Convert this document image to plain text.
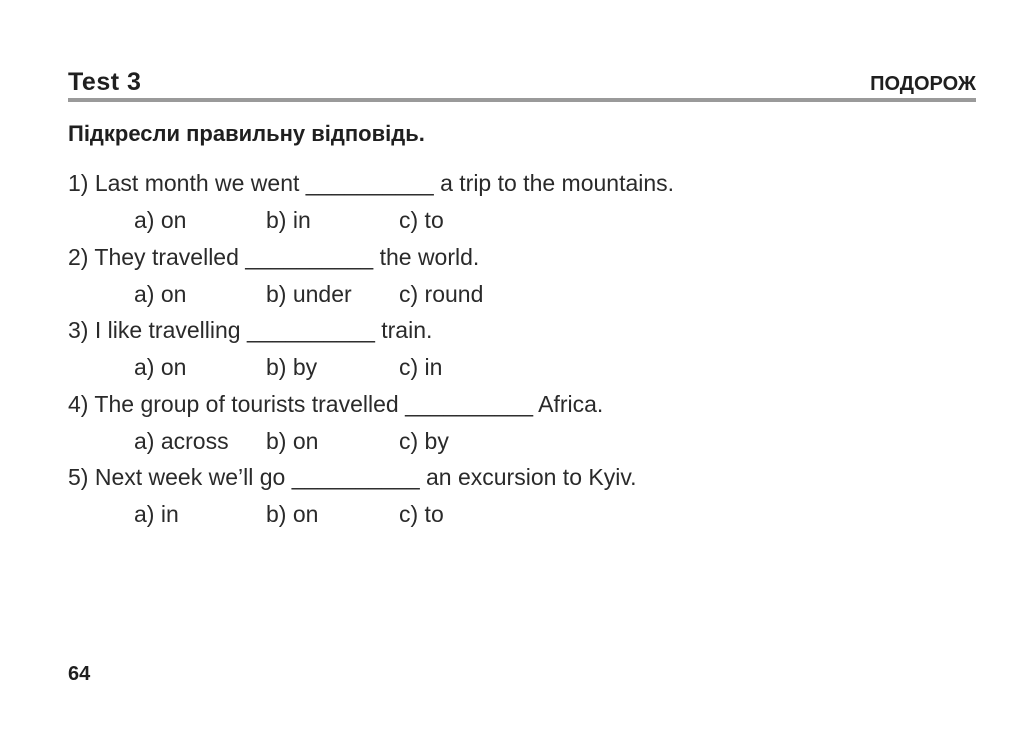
Test 3	ПОДОРОЖ
Підкресли правильну відповідь.
1) Last month we went __________ a trip to the mountains.
a) on	b) in	c) to
2) They travelled __________ the world.
a) on	b) under c) round
3) I like travelling __________ train.
a) on	b) by	c) in
4) The group of tourists travelled __________ Africa.
a) across b) on	c) by
5) Next week we’ll go __________ an excursion to Kyiv.
a) in	b) on	c) to
64
